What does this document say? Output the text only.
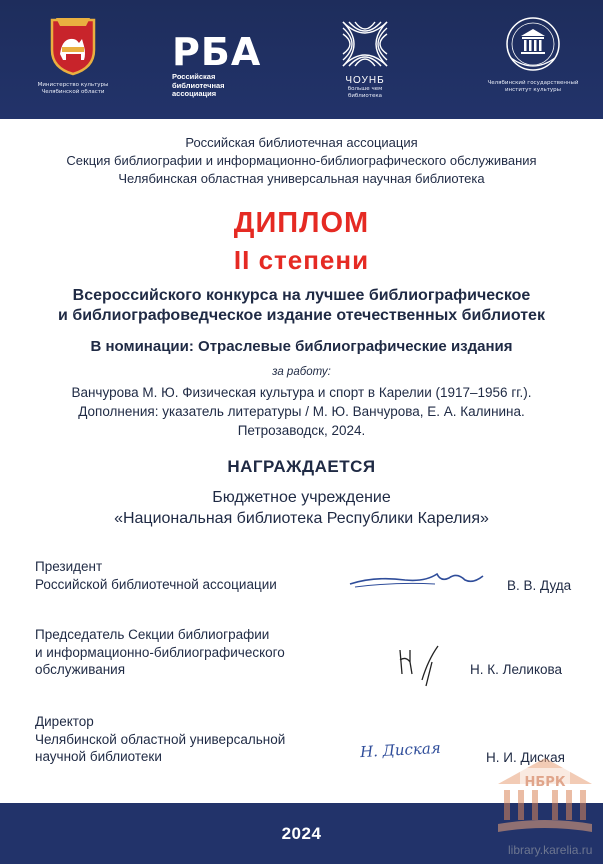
Министерство культуры Челябинской области
РБА
Российская библиотечная ассоциация
ЧОУНБ
больше чем библиотека
Челябинский государственный институт культуры
Российская библиотечная ассоциация
Секция библиографии и информационно-библиографического обслуживания
Челябинская областная универсальная научная библиотека
ДИПЛОМ
II степени
Всероссийского конкурса на лучшее библиографическое
и библиографоведческое издание отечественных библиотек
В номинации: Отраслевые библиографические издания
за работу:
Ванчурова М. Ю. Физическая культура и спорт в Карелии (1917–1956 гг.).
Дополнения: указатель литературы / М. Ю. Ванчурова, Е. А. Калинина.
Петрозаводск, 2024.
НАГРАЖДАЕТСЯ
Бюджетное учреждение
«Национальная библиотека Республики Карелия»
Президент
Российской библиотечной ассоциации	В. В. Дуда
Председатель Секции библиографии
и информационно-библиографического
обслуживания	Н. К. Леликова
Директор
Челябинской областной универсальной
научной библиотеки	Н. Диская	Н. И. Диская
2024
НБРК
library.karelia.ru
